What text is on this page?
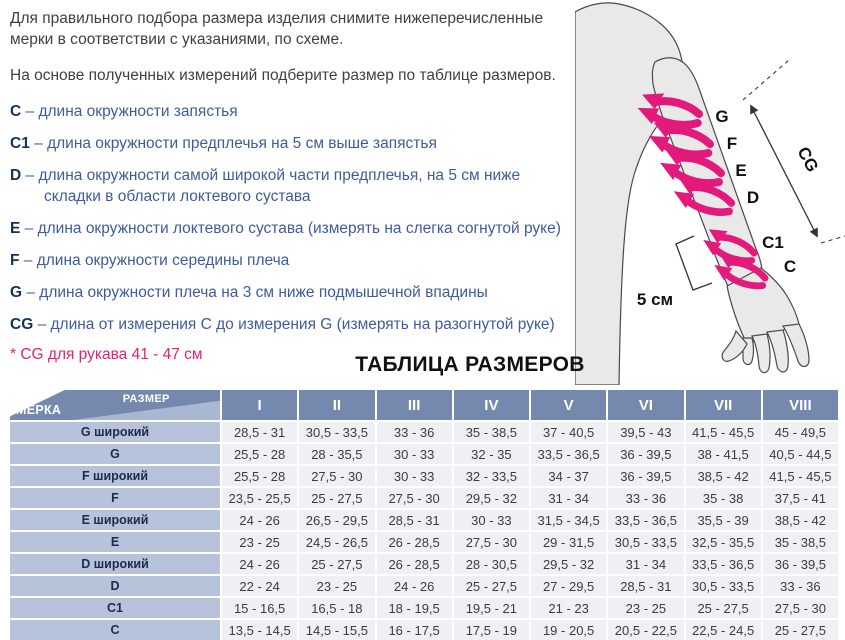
Для правильного подбора размера изделия снимите нижеперечисленные мерки в соответствии с указаниями, по схеме.

На основе полученных измерений подберите размер по таблице размеров.

C – длина окружности запястья
C1 – длина окружности предплечья на 5 см выше запястья
D – длина окружности самой широкой части предплечья, на 5 см ниже складки в области локтевого сустава
E – длина окружности локтевого сустава (измерять на слегка согнутой руке)
F – длина окружности середины плеча
G – длина окружности плеча на 3 см ниже подмышечной впадины
CG – длина от измерения C до измерения G (измерять на разогнутой руке)

* CG для рукава 41 - 47 см

G
F
E
D
C1
C
CG
5 см
ТАБЛИЦА РАЗМЕРОВ
РАЗМЕР
МЕРКА	I	II	III	IV	V	VI	VII	VIII
G широкий	28,5 - 31	30,5 - 33,5	33 - 36	35 - 38,5	37 - 40,5	39,5 - 43	41,5 - 45,5	45 - 49,5
G	25,5 - 28	28 - 35,5	30 - 33	32 - 35	33,5 - 36,5	36 - 39,5	38 - 41,5	40,5 - 44,5
F широкий	25,5 - 28	27,5 - 30	30 - 33	32 - 33,5	34 - 37	36 - 39,5	38,5 - 42	41,5 - 45,5
F	23,5 - 25,5	25 - 27,5	27,5 - 30	29,5 - 32	31 - 34	33 - 36	35 - 38	37,5 - 41
E широкий	24 - 26	26,5 - 29,5	28,5 - 31	30 - 33	31,5 - 34,5	33,5 - 36,5	35,5 - 39	38,5 - 42
E	23 - 25	24,5 - 26,5	26 - 28,5	27,5 - 30	29 - 31,5	30,5 - 33,5	32,5 - 35,5	35 - 38,5
D широкий	24 - 26	25 - 27,5	26 - 28,5	28 - 30,5	29,5 - 32	31 - 34	33,5 - 36,5	36 - 39,5
D	22 - 24	23 - 25	24 - 26	25 - 27,5	27 - 29,5	28,5 - 31	30,5 - 33,5	33 - 36
C1	15 - 16,5	16,5 - 18	18 - 19,5	19,5 - 21	21 - 23	23 - 25	25 - 27,5	27,5 - 30
C	13,5 - 14,5	14,5 - 15,5	16 - 17,5	17,5 - 19	19 - 20,5	20,5 - 22,5	22,5 - 24,5	25 - 27,5
